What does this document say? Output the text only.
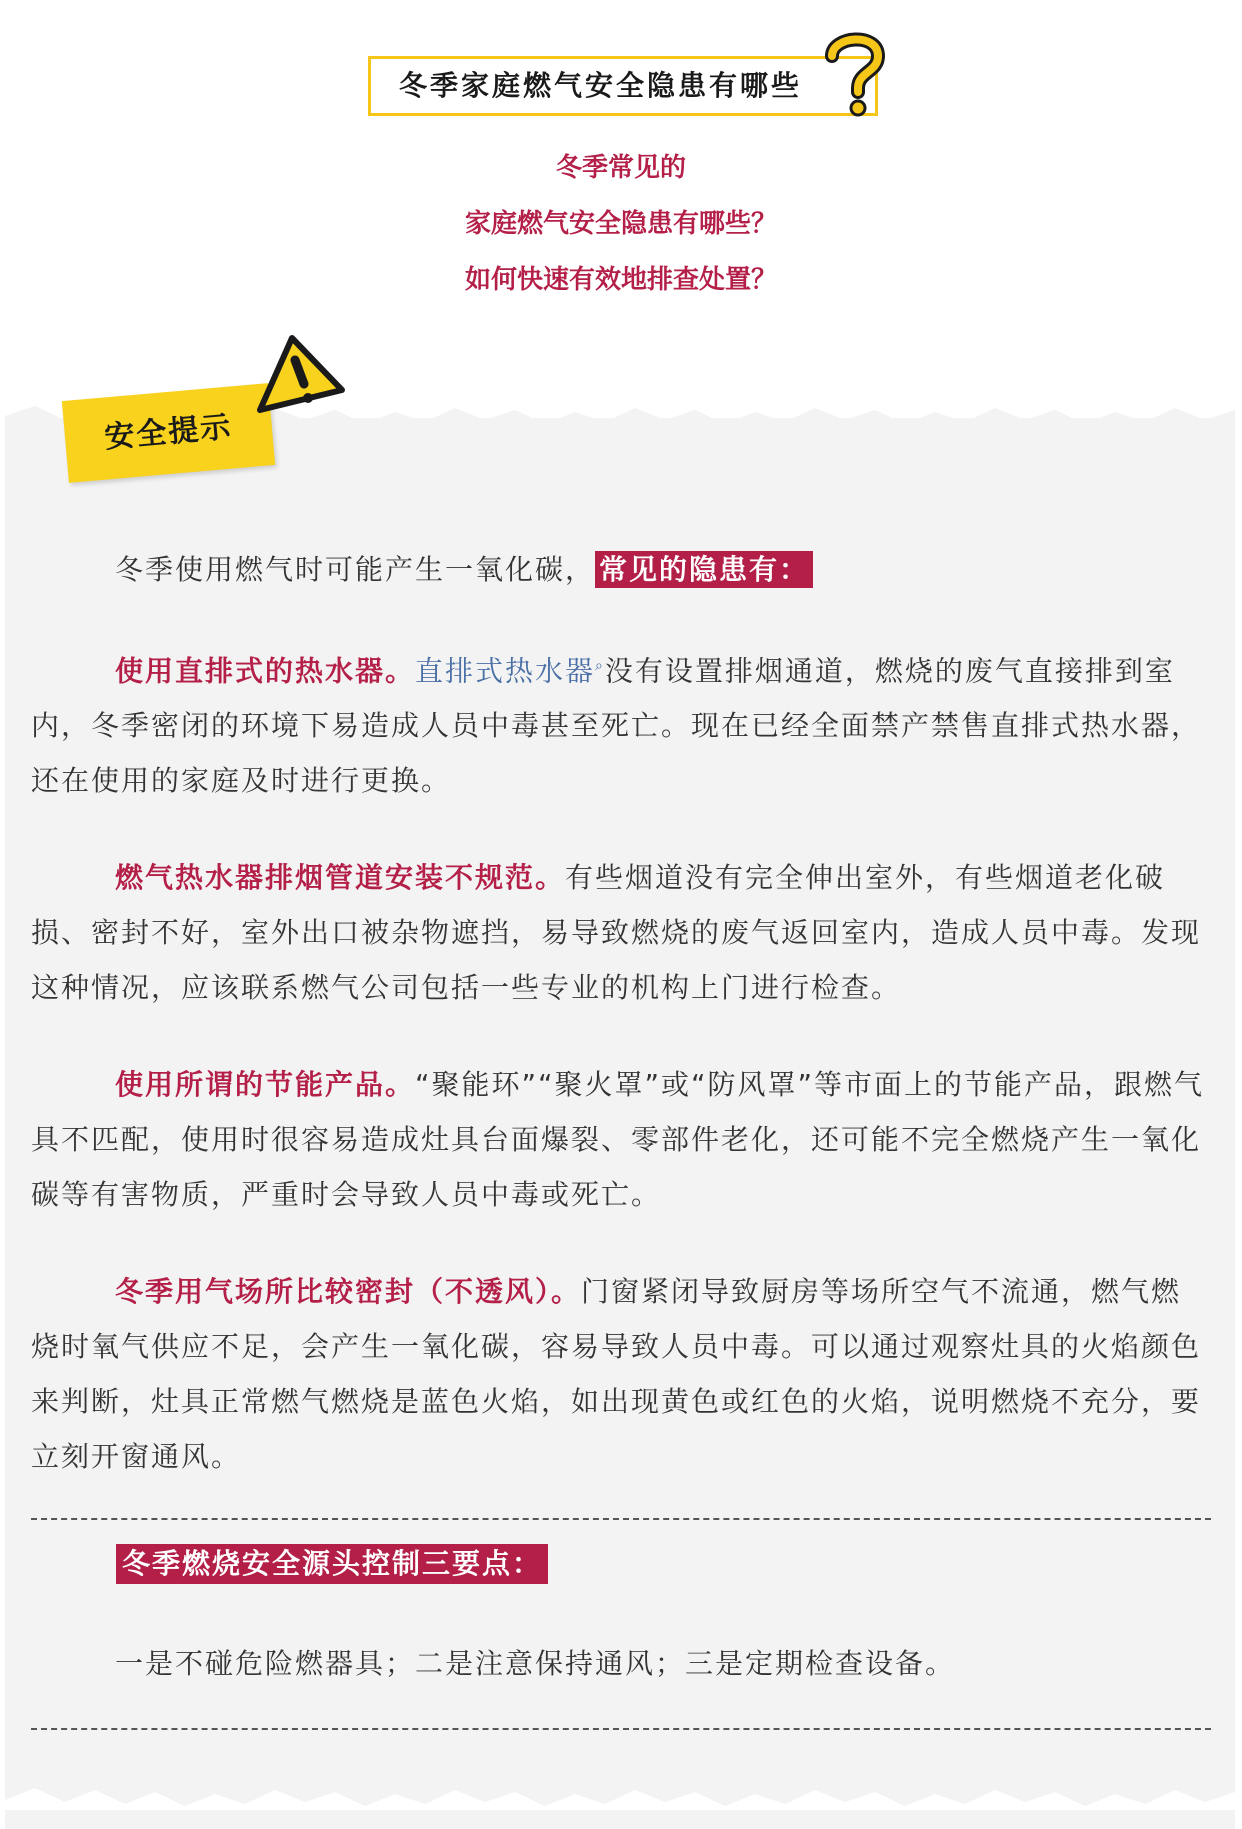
冬季家庭燃气安全隐患有哪些
冬季常见的
家庭燃气安全隐患有哪些？
如何快速有效地排查处置？
安全提示

冬季使用燃气时可能产生一氧化碳， 常见的隐患有：

使用直排式的热水器。直排式热水器⌕没有设置排烟通道，燃烧的废气直接排到室内，冬季密闭的环境下易造成人员中毒甚至死亡。现在已经全面禁产禁售直排式热水器，还在使用的家庭及时进行更换。

燃气热水器排烟管道安装不规范。有些烟道没有完全伸出室外，有些烟道老化破损、密封不好，室外出口被杂物遮挡，易导致燃烧的废气返回室内，造成人员中毒。发现这种情况，应该联系燃气公司包括一些专业的机构上门进行检查。

使用所谓的节能产品。“聚能环”“聚火罩”或“防风罩”等市面上的节能产品，跟燃气具不匹配，使用时很容易造成灶具台面爆裂、零部件老化，还可能不完全燃烧产生一氧化碳等有害物质，严重时会导致人员中毒或死亡。

冬季用气场所比较密封（不透风）。门窗紧闭导致厨房等场所空气不流通，燃气燃烧时氧气供应不足，会产生一氧化碳，容易导致人员中毒。可以通过观察灶具的火焰颜色来判断，灶具正常燃气燃烧是蓝色火焰，如出现黄色或红色的火焰，说明燃烧不充分，要立刻开窗通风。

冬季燃烧安全源头控制三要点：
一是不碰危险燃器具；二是注意保持通风；三是定期检查设备。
